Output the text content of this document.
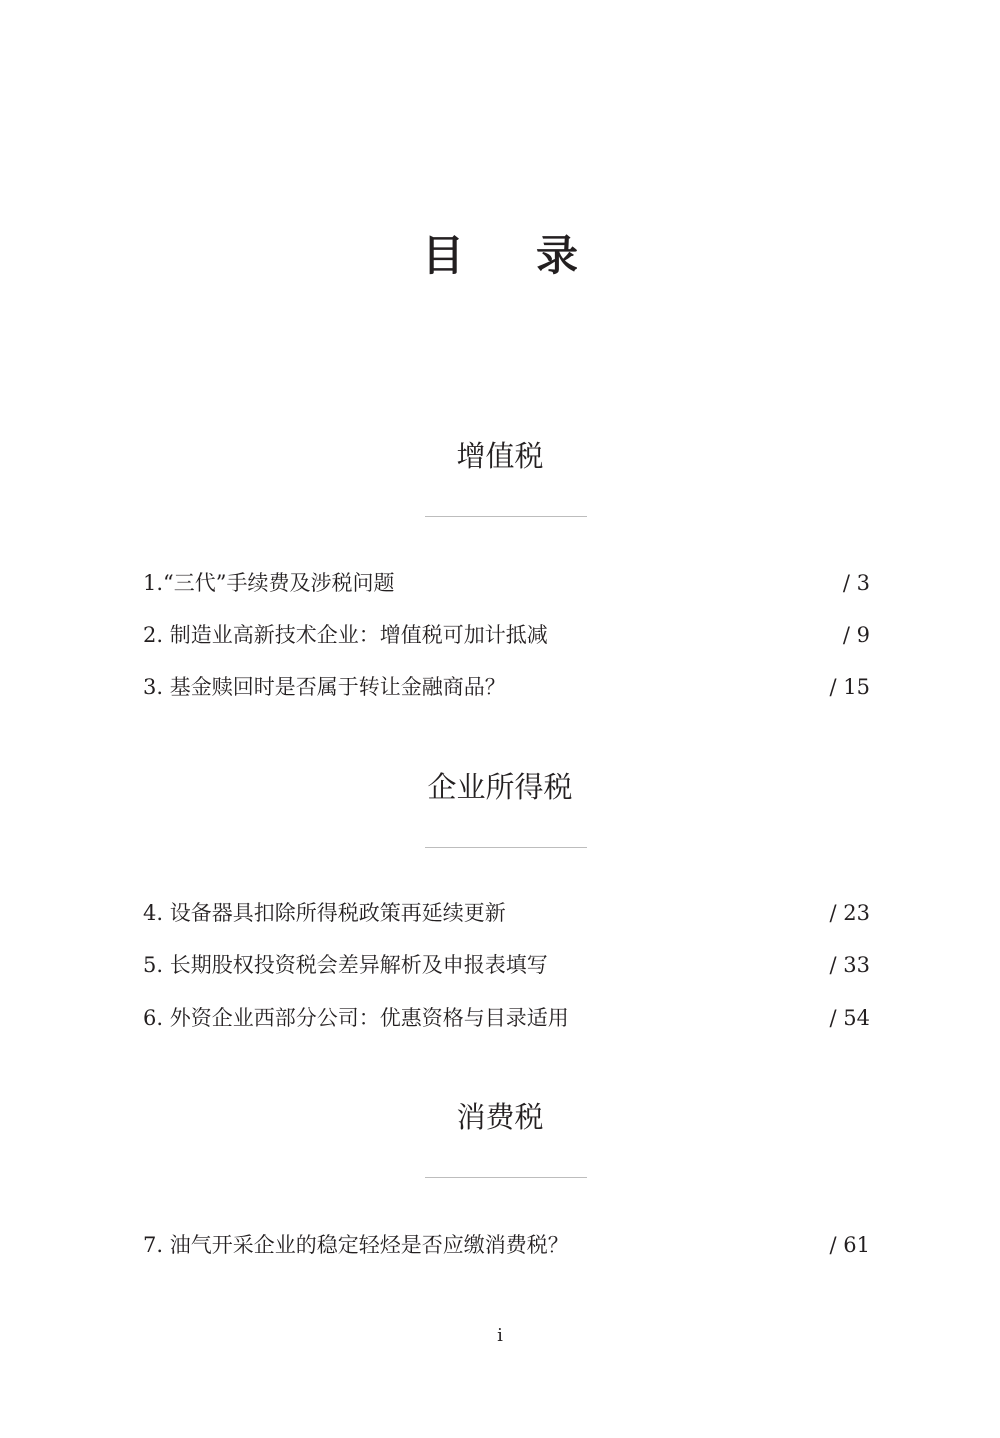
目 录
增值税
1.“三代”手续费及涉税问题	/ 3
2. 制造业高新技术企业：增值税可加计抵减	/ 9
3. 基金赎回时是否属于转让金融商品？	/ 15
企业所得税
4. 设备器具扣除所得税政策再延续更新	/ 23
5. 长期股权投资税会差异解析及申报表填写	/ 33
6. 外资企业西部分公司：优惠资格与目录适用	/ 54
消费税
7. 油气开采企业的稳定轻烃是否应缴消费税？	/ 61
i
